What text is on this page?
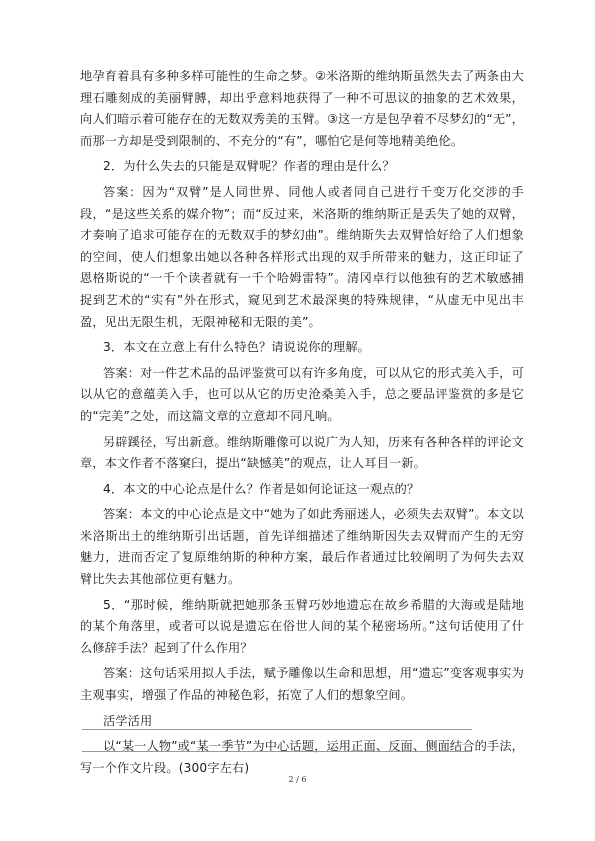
地孕育着具有多种多样可能性的生命之梦。②米洛斯的维纳斯虽然失去了两条由大理石雕刻成的美丽臂膊，却出乎意料地获得了一种不可思议的抽象的艺术效果，向人们暗示着可能存在的无数双秀美的玉臂。③这一方是包孕着不尽梦幻的“无”，而那一方却是受到限制的、不充分的“有”，哪怕它是何等地精美绝伦。

2．为什么失去的只能是双臂呢？作者的理由是什么？

答案：因为“双臂”是人同世界、同他人或者同自己进行千变万化交涉的手段，“是这些关系的媒介物”；而“反过来，米洛斯的维纳斯正是丢失了她的双臂，才奏响了追求可能存在的无数双手的梦幻曲”。维纳斯失去双臂恰好给了人们想象的空间，使人们想象出她以各种各样形式出现的双手所带来的魅力，这正印证了恩格斯说的“一千个读者就有一千个哈姆雷特”。清冈卓行以他独有的艺术敏感捕捉到艺术的“实有”外在形式，窥见到艺术最深奥的特殊规律，“从虚无中见出丰盈，见出无限生机，无限神秘和无限的美”。

3．本文在立意上有什么特色？请说说你的理解。

答案：对一件艺术品的品评鉴赏可以有许多角度，可以从它的形式美入手，可以从它的意蕴美入手，也可以从它的历史沧桑美入手，总之要品评鉴赏的多是它的“完美”之处，而这篇文章的立意却不同凡响。

另辟蹊径，写出新意。维纳斯雕像可以说广为人知，历来有各种各样的评论文章，本文作者不落窠臼，提出“缺憾美”的观点，让人耳目一新。

4．本文的中心论点是什么？作者是如何论证这一观点的？

答案：本文的中心论点是文中“她为了如此秀丽迷人，必须失去双臂”。本文以米洛斯出土的维纳斯引出话题，首先详细描述了维纳斯因失去双臂而产生的无穷魅力，进而否定了复原维纳斯的种种方案，最后作者通过比较阐明了为何失去双臂比失去其他部位更有魅力。

5．“那时候，维纳斯就把她那条玉臂巧妙地遗忘在故乡希腊的大海或是陆地的某个角落里，或者可以说是遗忘在俗世人间的某个秘密场所。”这句话使用了什么修辞手法？起到了什么作用？

答案：这句话采用拟人手法，赋予雕像以生命和思想，用“遗忘”变客观事实为主观事实，增强了作品的神秘色彩，拓宽了人们的想象空间。

活学活用

以“某一人物”或“某一季节”为中心话题，运用正面、反面、侧面结合的手法，写一个作文片段。(300字左右)

2 / 6
